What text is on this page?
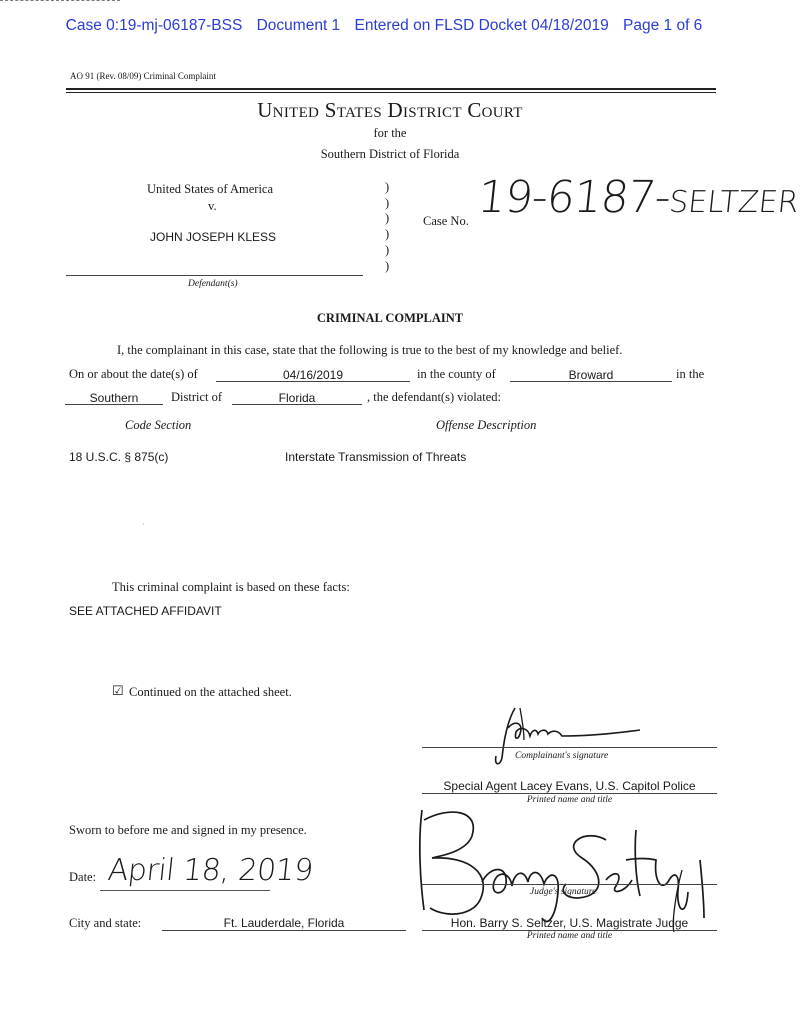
Case 0:19-mj-06187-BSS Document 1 Entered on FLSD Docket 04/18/2019 Page 1 of 6
AO 91 (Rev. 08/09) Criminal Complaint
United States District Court
for the
Southern District of Florida
United States of America
v.
JOHN JOSEPH KLESS
Defendant(s)
)
)
)
)
)
)
Case No. 19-6187-SELTZER
CRIMINAL COMPLAINT
I, the complainant in this case, state that the following is true to the best of my knowledge and belief.
On or about the date(s) of	04/16/2019	in the county of	Broward	in the
Southern	District of	Florida	, the defendant(s) violated:
Code Section	Offense Description
18 U.S.C. § 875(c)	Interstate Transmission of Threats
·
This criminal complaint is based on these facts:
SEE ATTACHED AFFIDAVIT
☑ Continued on the attached sheet.
Complainant's signature
Special Agent Lacey Evans, U.S. Capitol Police
Printed name and title
Sworn to before me and signed in my presence.
Date: April 18, 2019
Judge's signature
City and state:	Ft. Lauderdale, Florida	Hon. Barry S. Seltzer, U.S. Magistrate Judge
Printed name and title
